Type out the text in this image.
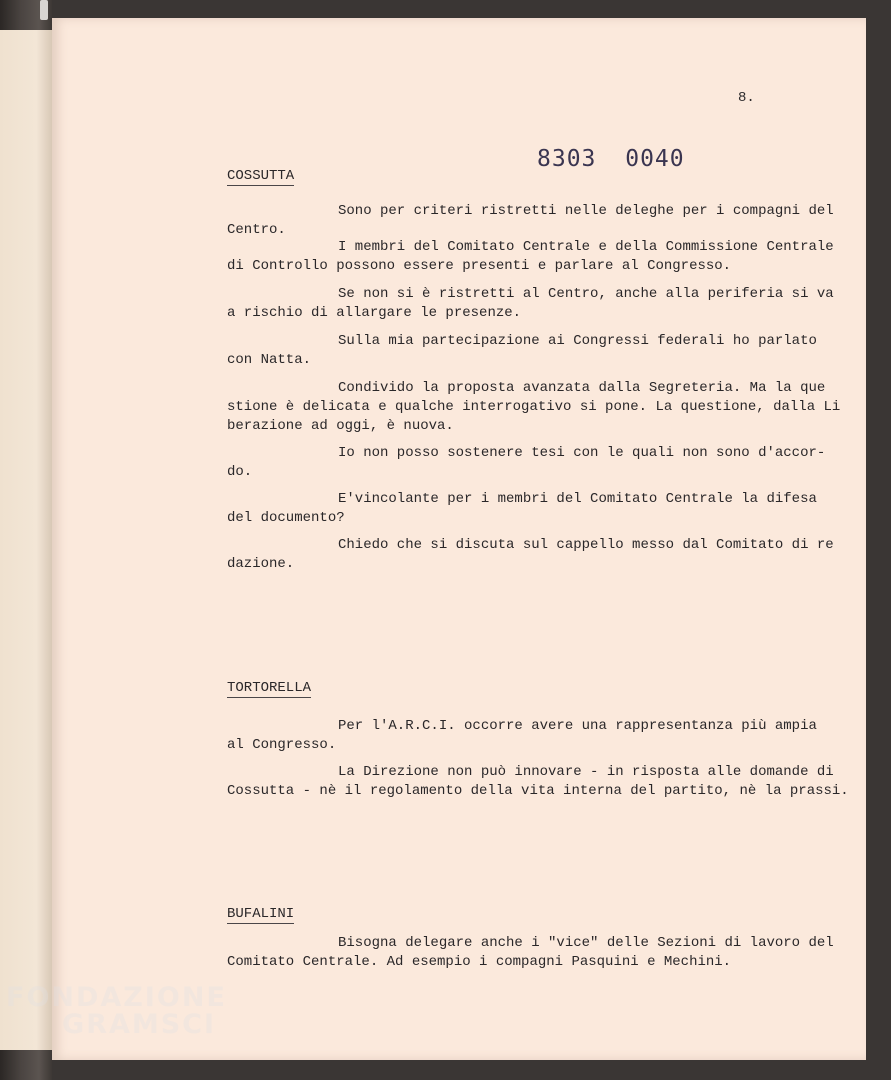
8.
8303 0040
COSSUTTA
Sono per criteri ristretti nelle deleghe per i compagni del
Centro.
I membri del Comitato Centrale e della Commissione Centrale
di Controllo possono essere presenti e parlare al Congresso.
Se non si è ristretti al Centro, anche alla periferia si va
a rischio di allargare le presenze.
Sulla mia partecipazione ai Congressi federali ho parlato
con Natta.
Condivido la proposta avanzata dalla Segreteria. Ma la que
stione è delicata e qualche interrogativo si pone. La questione, dalla Li
berazione ad oggi, è nuova.
Io non posso sostenere tesi con le quali non sono d'accor-
do.
E'vincolante per i membri del Comitato Centrale la difesa
del documento?
Chiedo che si discuta sul cappello messo dal Comitato di re
dazione.
TORTORELLA
Per l'A.R.C.I. occorre avere una rappresentanza più ampia
al Congresso.
La Direzione non può innovare - in risposta alle domande di
Cossutta - nè il regolamento della vita interna del partito, nè la prassi.
BUFALINI
Bisogna delegare anche i "vice" delle Sezioni di lavoro del
Comitato Centrale. Ad esempio i compagni Pasquini e Mechini.
FONDAZIONE
GRAMSCI
